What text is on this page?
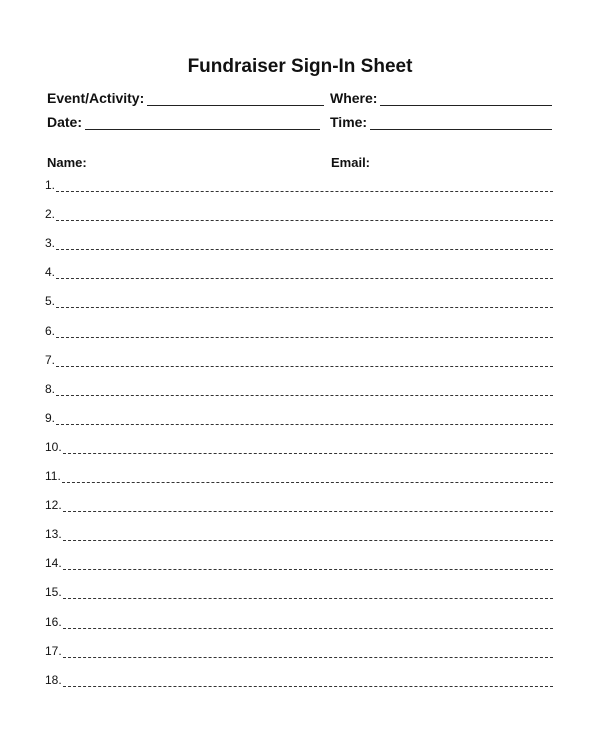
Fundraiser Sign-In Sheet
Event/Activity:	Where:
Date:	Time:
Name:	Email:
1.
2.
3.
4.
5.
6.
7.
8.
9.
10.
11.
12.
13.
14.
15.
16.
17.
18.
